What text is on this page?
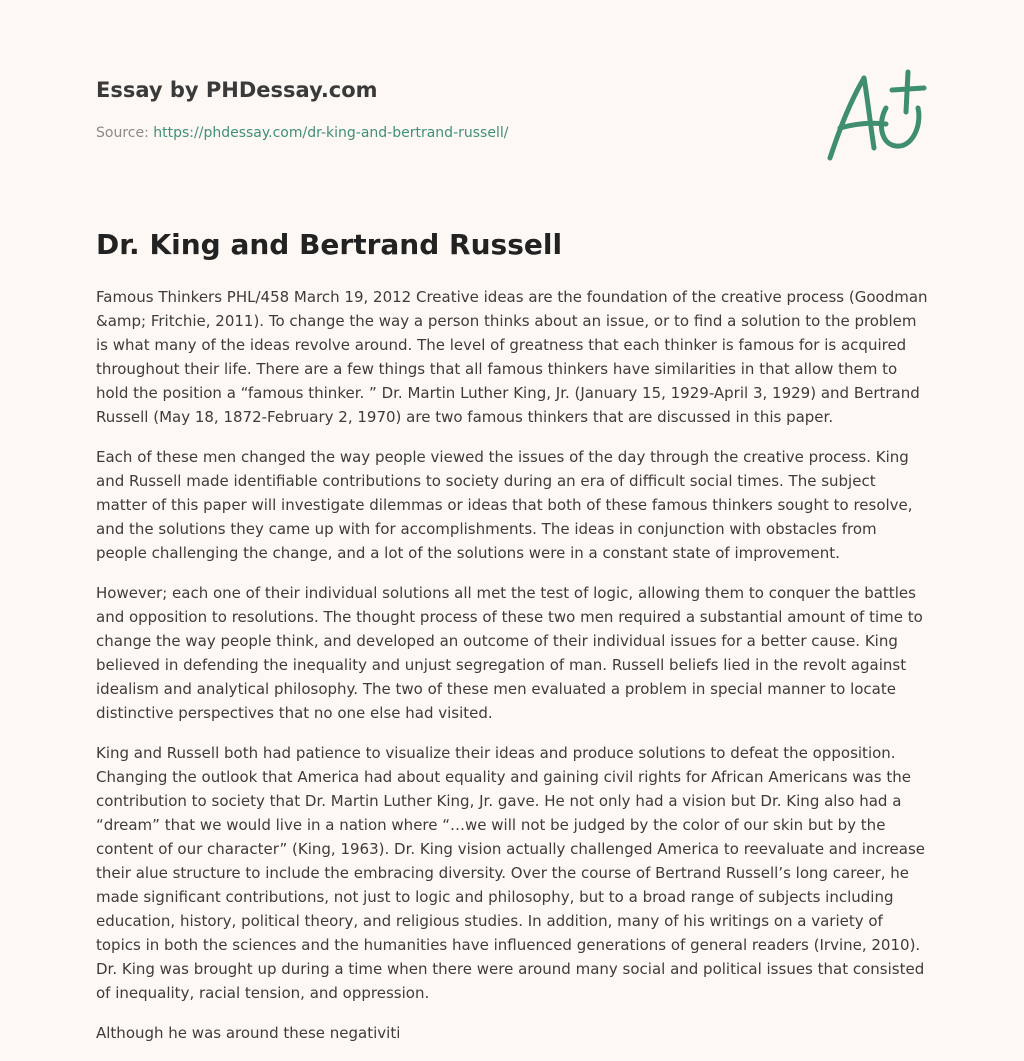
Essay by PHDessay.com
Source: https://phdessay.com/dr-king-and-bertrand-russell/
Dr. King and Bertrand Russell

Famous Thinkers PHL/458 March 19, 2012 Creative ideas are the foundation of the creative process (Goodman &amp; Fritchie, 2011). To change the way a person thinks about an issue, or to find a solution to the problem is what many of the ideas revolve around. The level of greatness that each thinker is famous for is acquired throughout their life. There are a few things that all famous thinkers have similarities in that allow them to hold the position a “famous thinker. ” Dr. Martin Luther King, Jr. (January 15, 1929-April 3, 1929) and Bertrand Russell (May 18, 1872-February 2, 1970) are two famous thinkers that are discussed in this paper.

Each of these men changed the way people viewed the issues of the day through the creative process. King and Russell made identifiable contributions to society during an era of difficult social times. The subject matter of this paper will investigate dilemmas or ideas that both of these famous thinkers sought to resolve, and the solutions they came up with for accomplishments. The ideas in conjunction with obstacles from people challenging the change, and a lot of the solutions were in a constant state of improvement.

However; each one of their individual solutions all met the test of logic, allowing them to conquer the battles and opposition to resolutions. The thought process of these two men required a substantial amount of time to change the way people think, and developed an outcome of their individual issues for a better cause. King believed in defending the inequality and unjust segregation of man. Russell beliefs lied in the revolt against idealism and analytical philosophy. The two of these men evaluated a problem in special manner to locate distinctive perspectives that no one else had visited.

King and Russell both had patience to visualize their ideas and produce solutions to defeat the opposition. Changing the outlook that America had about equality and gaining civil rights for African Americans was the contribution to society that Dr. Martin Luther King, Jr. gave. He not only had a vision but Dr. King also had a “dream” that we would live in a nation where “…we will not be judged by the color of our skin but by the content of our character” (King, 1963). Dr. King vision actually challenged America to reevaluate and increase their alue structure to include the embracing diversity. Over the course of Bertrand Russell’s long career, he made significant contributions, not just to logic and philosophy, but to a broad range of subjects including education, history, political theory, and religious studies. In addition, many of his writings on a variety of topics in both the sciences and the humanities have influenced generations of general readers (Irvine, 2010). Dr. King was brought up during a time when there were around many social and political issues that consisted of inequality, racial tension, and oppression.

Although he was around these negativiti
